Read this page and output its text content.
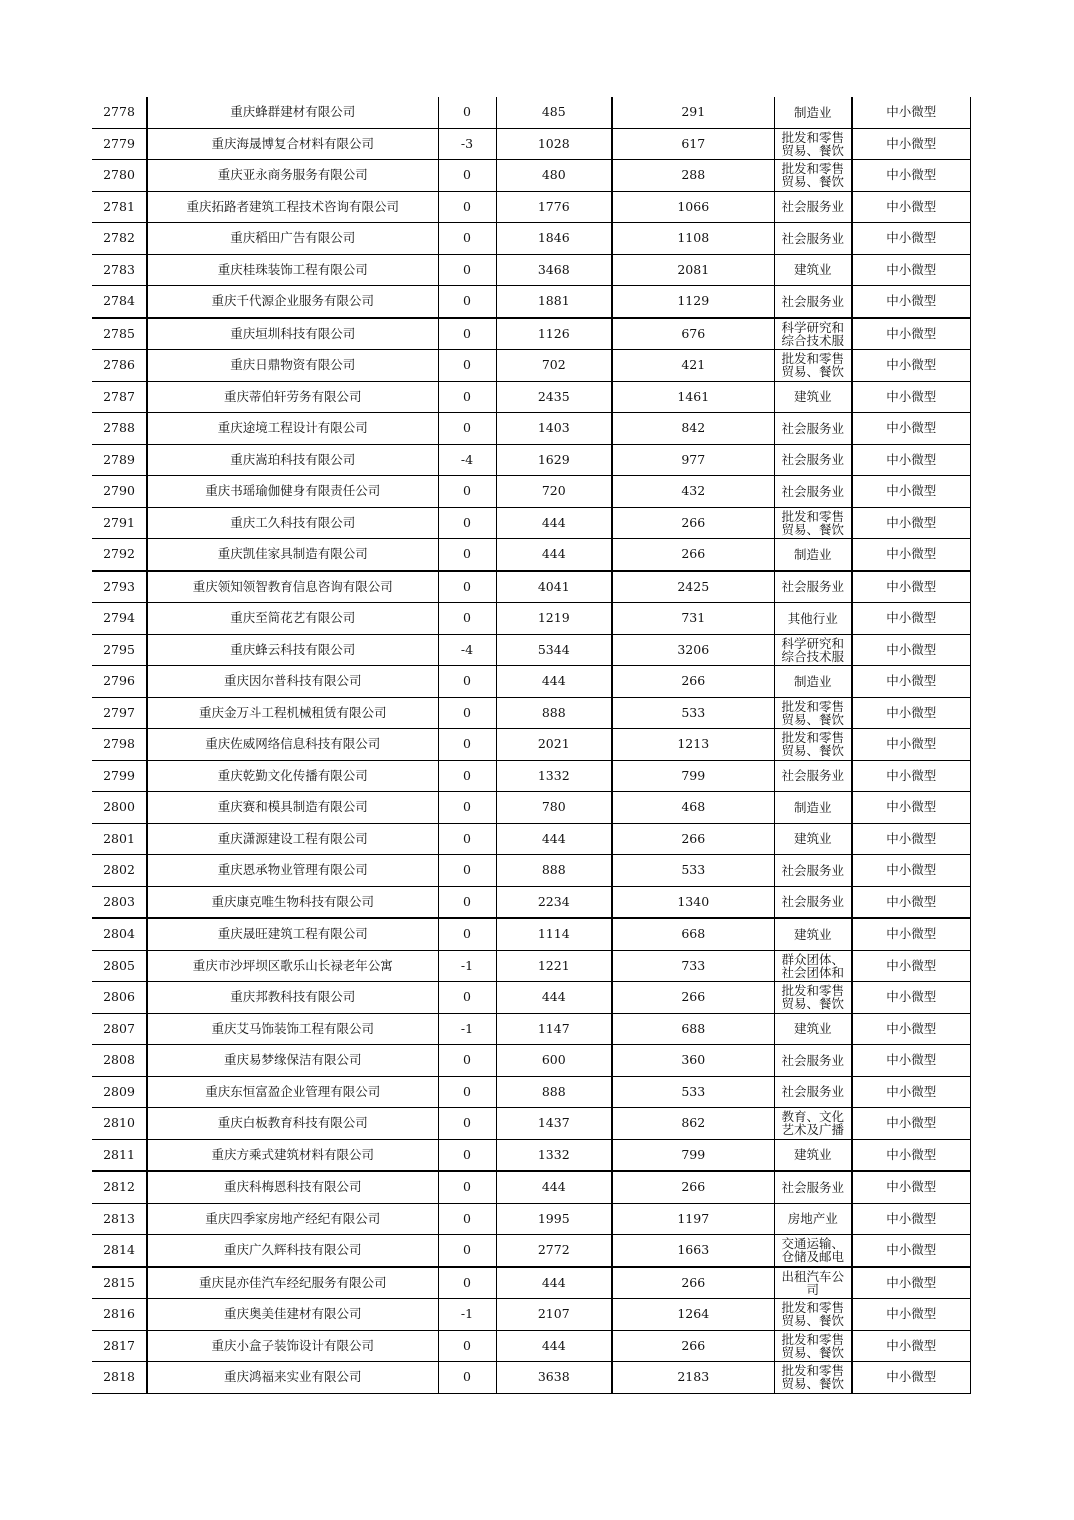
2778	重庆蜂群建材有限公司	0	485	291	制造业	中小微型
2779	重庆海晟博复合材料有限公司	-3	1028	617	批发和零售贸易、餐饮	中小微型
2780	重庆亚永商务服务有限公司	0	480	288	批发和零售贸易、餐饮	中小微型
2781	重庆拓路者建筑工程技术咨询有限公司	0	1776	1066	社会服务业	中小微型
2782	重庆稻田广告有限公司	0	1846	1108	社会服务业	中小微型
2783	重庆桂珠装饰工程有限公司	0	3468	2081	建筑业	中小微型
2784	重庆千代源企业服务有限公司	0	1881	1129	社会服务业	中小微型
2785	重庆垣圳科技有限公司	0	1126	676	科学研究和综合技术服	中小微型
2786	重庆日鼎物资有限公司	0	702	421	批发和零售贸易、餐饮	中小微型
2787	重庆蒂伯轩劳务有限公司	0	2435	1461	建筑业	中小微型
2788	重庆途境工程设计有限公司	0	1403	842	社会服务业	中小微型
2789	重庆嵩珀科技有限公司	-4	1629	977	社会服务业	中小微型
2790	重庆书瑶瑜伽健身有限责任公司	0	720	432	社会服务业	中小微型
2791	重庆工久科技有限公司	0	444	266	批发和零售贸易、餐饮	中小微型
2792	重庆凯佳家具制造有限公司	0	444	266	制造业	中小微型
2793	重庆领知领智教育信息咨询有限公司	0	4041	2425	社会服务业	中小微型
2794	重庆至简花艺有限公司	0	1219	731	其他行业	中小微型
2795	重庆蜂云科技有限公司	-4	5344	3206	科学研究和综合技术服	中小微型
2796	重庆因尔普科技有限公司	0	444	266	制造业	中小微型
2797	重庆金万斗工程机械租赁有限公司	0	888	533	批发和零售贸易、餐饮	中小微型
2798	重庆佐威网络信息科技有限公司	0	2021	1213	批发和零售贸易、餐饮	中小微型
2799	重庆乾勤文化传播有限公司	0	1332	799	社会服务业	中小微型
2800	重庆赛和模具制造有限公司	0	780	468	制造业	中小微型
2801	重庆潇源建设工程有限公司	0	444	266	建筑业	中小微型
2802	重庆恩承物业管理有限公司	0	888	533	社会服务业	中小微型
2803	重庆康克唯生物科技有限公司	0	2234	1340	社会服务业	中小微型
2804	重庆晟旺建筑工程有限公司	0	1114	668	建筑业	中小微型
2805	重庆市沙坪坝区歌乐山长禄老年公寓	-1	1221	733	群众团体、社会团体和	中小微型
2806	重庆邦教科技有限公司	0	444	266	批发和零售贸易、餐饮	中小微型
2807	重庆艾马饰装饰工程有限公司	-1	1147	688	建筑业	中小微型
2808	重庆易梦缘保洁有限公司	0	600	360	社会服务业	中小微型
2809	重庆东恒富盈企业管理有限公司	0	888	533	社会服务业	中小微型
2810	重庆白板教育科技有限公司	0	1437	862	教育、文化艺术及广播	中小微型
2811	重庆方乘式建筑材料有限公司	0	1332	799	建筑业	中小微型
2812	重庆科梅恩科技有限公司	0	444	266	社会服务业	中小微型
2813	重庆四季家房地产经纪有限公司	0	1995	1197	房地产业	中小微型
2814	重庆广久辉科技有限公司	0	2772	1663	交通运输、仓储及邮电	中小微型
2815	重庆昆亦佳汽车经纪服务有限公司	0	444	266	出租汽车公司	中小微型
2816	重庆奥美佳建材有限公司	-1	2107	1264	批发和零售贸易、餐饮	中小微型
2817	重庆小盒子装饰设计有限公司	0	444	266	批发和零售贸易、餐饮	中小微型
2818	重庆鸿福来实业有限公司	0	3638	2183	批发和零售贸易、餐饮	中小微型
